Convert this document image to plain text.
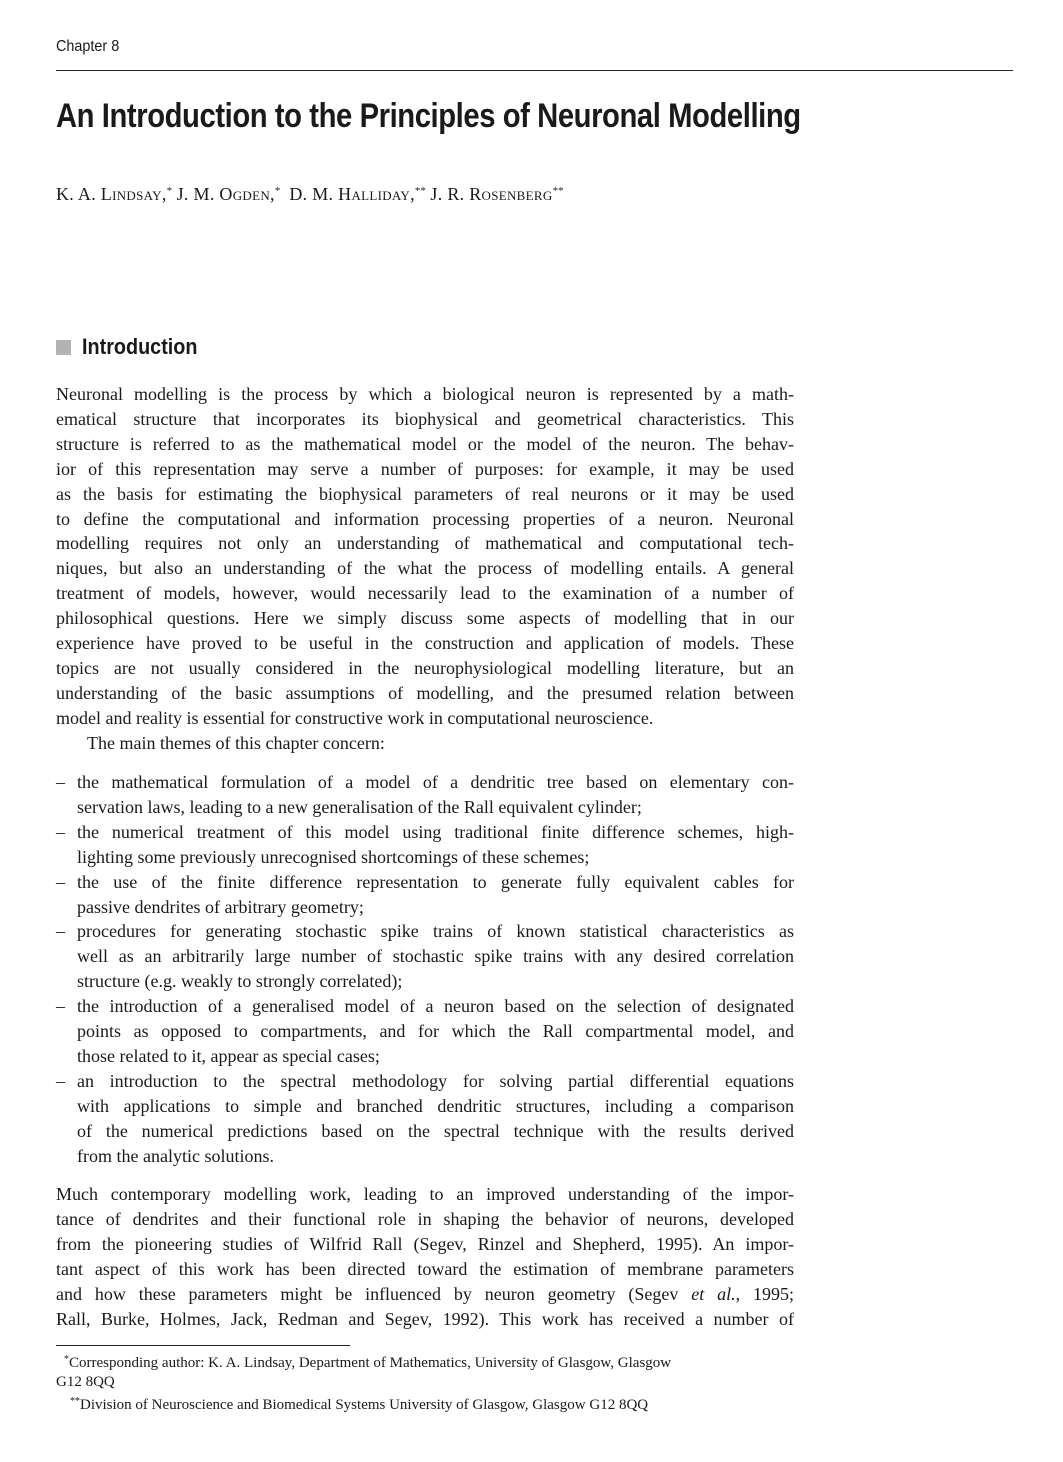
Chapter 8
An Introduction to the Principles of Neuronal Modelling
K. A. Lindsay,* J. M. Ogden,* D. M. Halliday,** J. R. Rosenberg**
Introduction
Neuronal modelling is the process by which a biological neuron is represented by a math-
ematical structure that incorporates its biophysical and geometrical characteristics. This
structure is referred to as the mathematical model or the model of the neuron. The behav-
ior of this representation may serve a number of purposes: for example, it may be used
as the basis for estimating the biophysical parameters of real neurons or it may be used
to define the computational and information processing properties of a neuron. Neuronal
modelling requires not only an understanding of mathematical and computational tech-
niques, but also an understanding of the what the process of modelling entails. A general
treatment of models, however, would necessarily lead to the examination of a number of
philosophical questions. Here we simply discuss some aspects of modelling that in our
experience have proved to be useful in the construction and application of models. These
topics are not usually considered in the neurophysiological modelling literature, but an
understanding of the basic assumptions of modelling, and the presumed relation between
model and reality is essential for constructive work in computational neuroscience.
The main themes of this chapter concern:
– the mathematical formulation of a model of a dendritic tree based on elementary con-
servation laws, leading to a new generalisation of the Rall equivalent cylinder;
– the numerical treatment of this model using traditional finite difference schemes, high-
lighting some previously unrecognised shortcomings of these schemes;
– the use of the finite difference representation to generate fully equivalent cables for
passive dendrites of arbitrary geometry;
– procedures for generating stochastic spike trains of known statistical characteristics as
well as an arbitrarily large number of stochastic spike trains with any desired correlation
structure (e.g. weakly to strongly correlated);
– the introduction of a generalised model of a neuron based on the selection of designated
points as opposed to compartments, and for which the Rall compartmental model, and
those related to it, appear as special cases;
– an introduction to the spectral methodology for solving partial differential equations
with applications to simple and branched dendritic structures, including a comparison
of the numerical predictions based on the spectral technique with the results derived
from the analytic solutions.
Much contemporary modelling work, leading to an improved understanding of the impor-
tance of dendrites and their functional role in shaping the behavior of neurons, developed
from the pioneering studies of Wilfrid Rall (Segev, Rinzel and Shepherd, 1995). An impor-
tant aspect of this work has been directed toward the estimation of membrane parameters
and how these parameters might be influenced by neuron geometry (Segev et al., 1995;
Rall, Burke, Holmes, Jack, Redman and Segev, 1992). This work has received a number of
*Corresponding author: K. A. Lindsay, Department of Mathematics, University of Glasgow, Glasgow
G12 8QQ
**Division of Neuroscience and Biomedical Systems University of Glasgow, Glasgow G12 8QQ
